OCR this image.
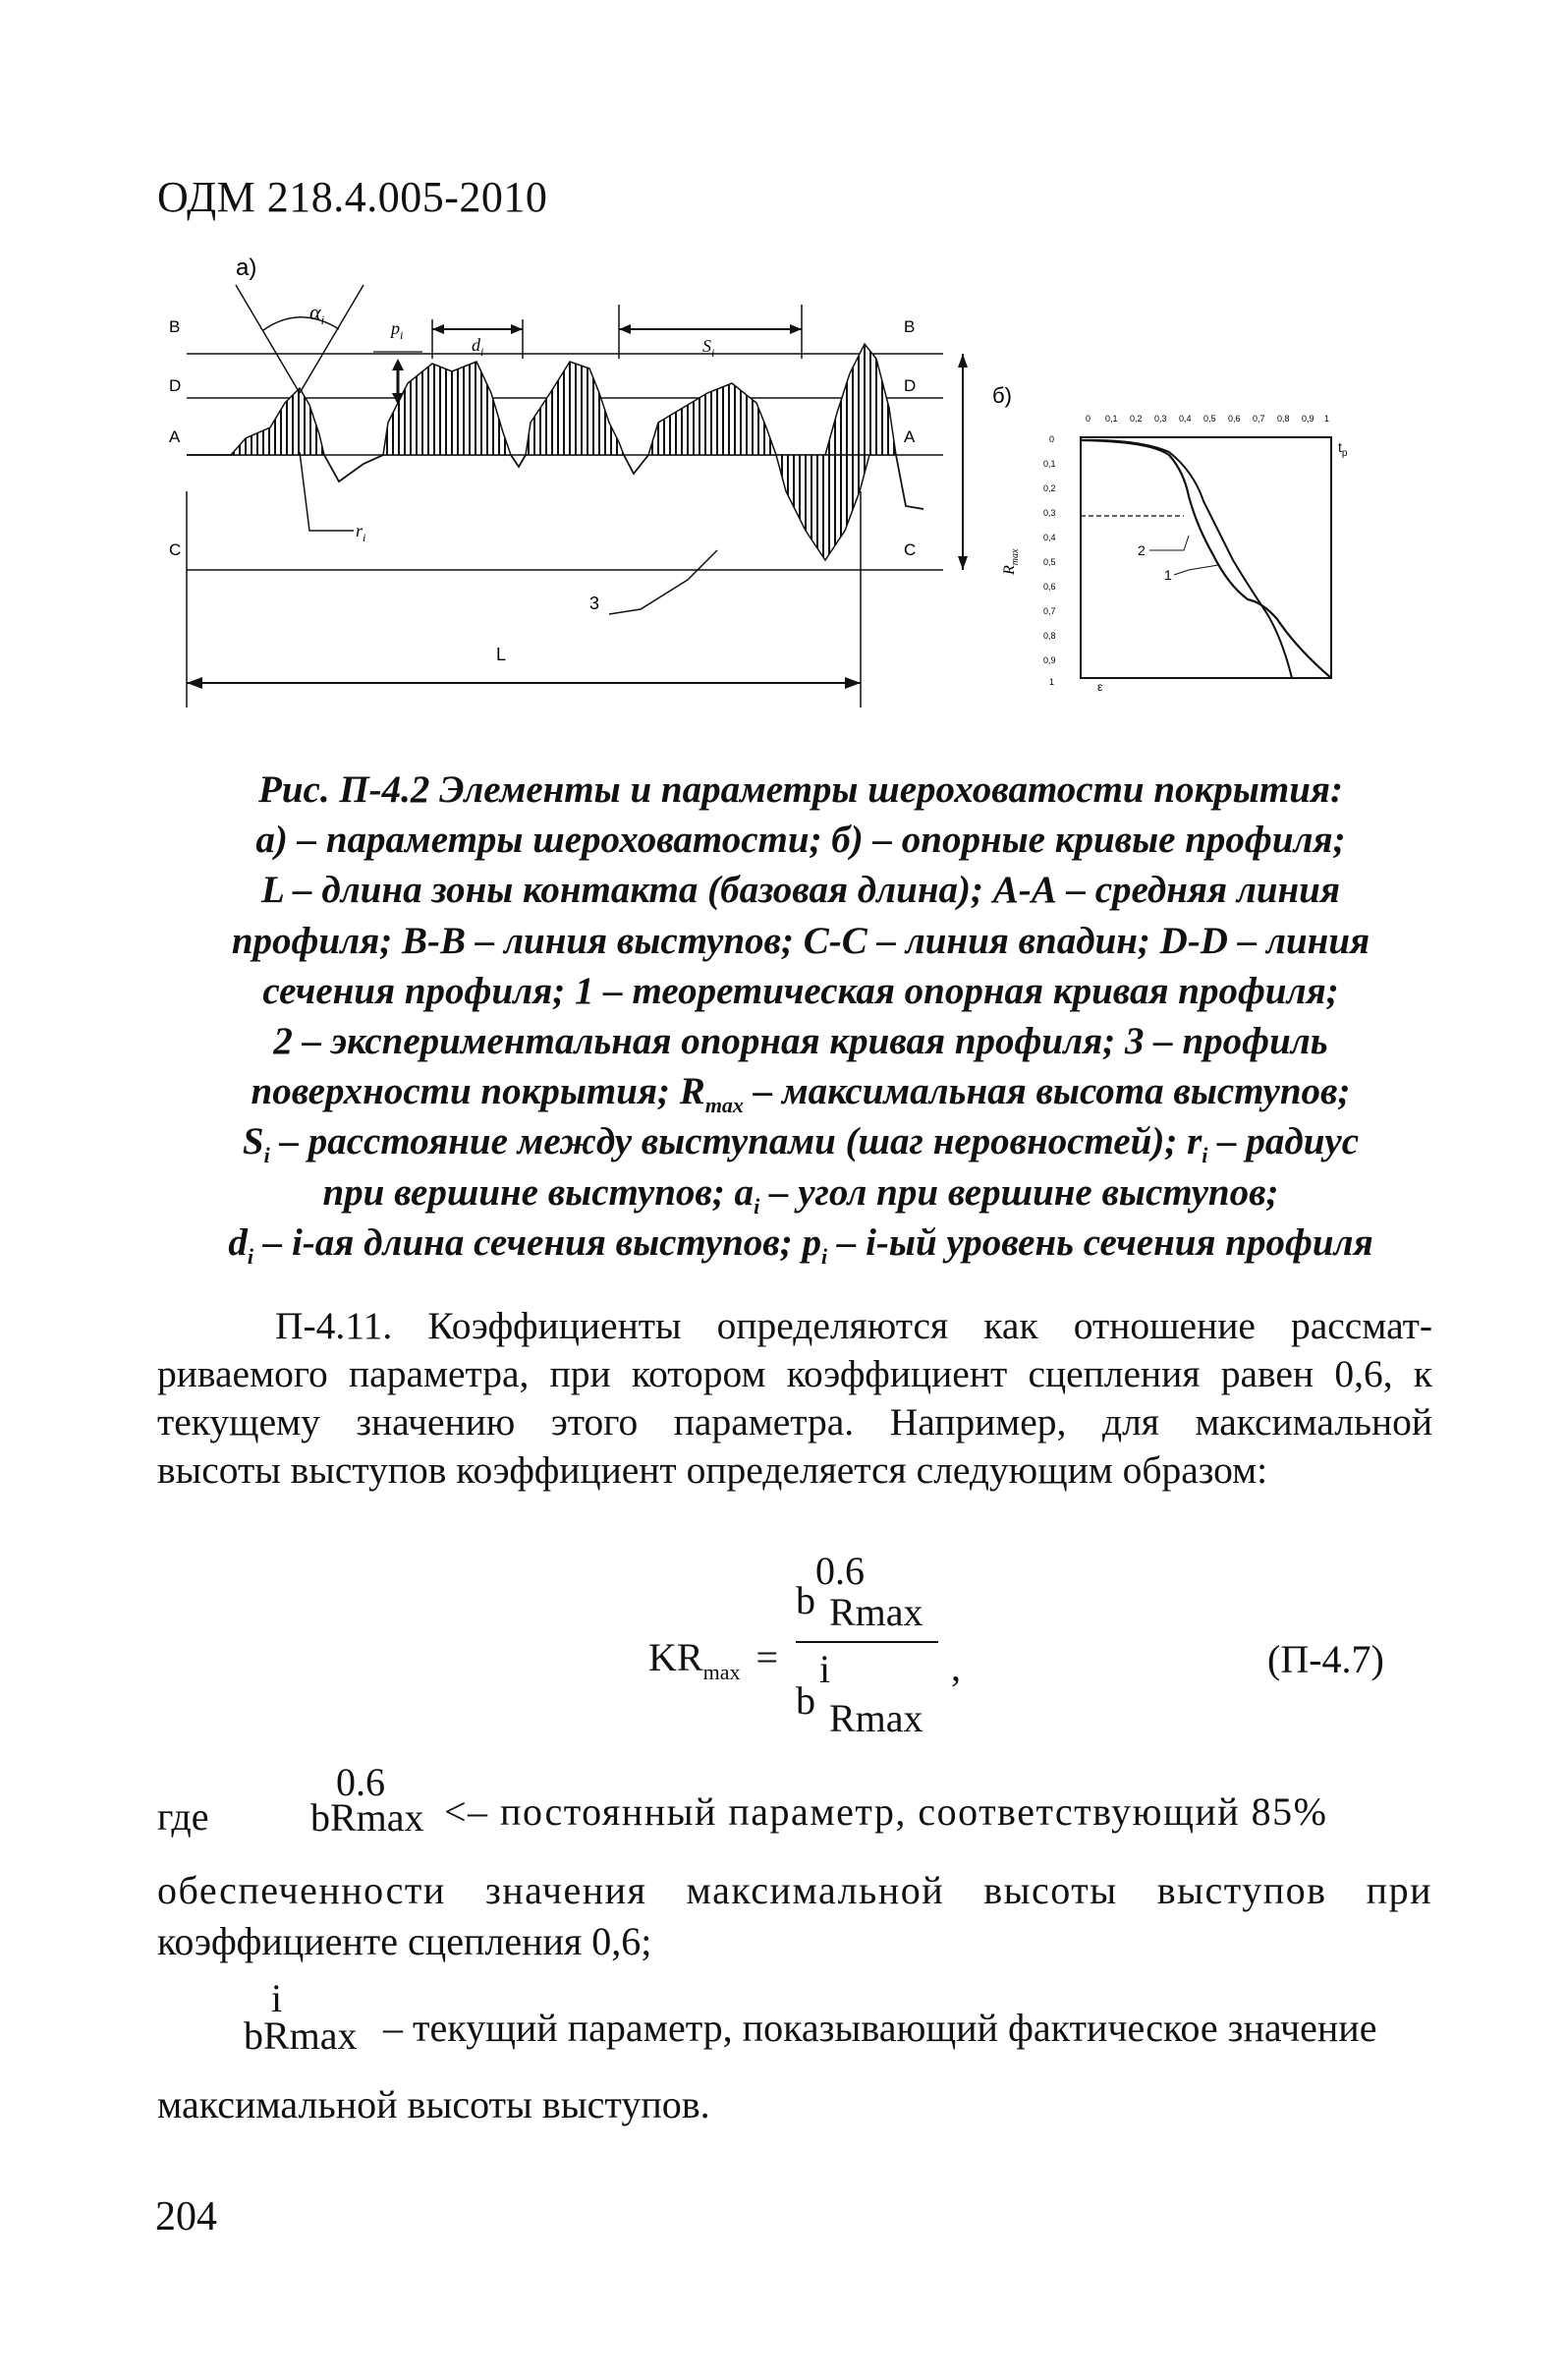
ОДМ 218.4.005-2010
а)
B
D
A
C
B
D
A
C
$\alpha_i$
$r_i$
$p_i$	$d_i$	$S_i$
3
L
б)
0 0,1 0,2 0,3 0,4 0,5 0,6 0,7 0,8 0,9 1
0
0,1
0,2
0,3
0,4
0,5
0,6
0,7
0,8
0,9
1
$R_{max}$	2
1
$t_p$
ε
Рис. П-4.2 Элементы и параметры шероховатости покрытия:
а) – параметры шероховатости; б) – опорные кривые профиля;
L – длина зоны контакта (базовая длина); А-А – средняя линия
профиля; В-В – линия выступов; С-С – линия впадин; D-D – линия
сечения профиля; 1 – теоретическая опорная кривая профиля;
2 – экспериментальная опорная кривая профиля; 3 – профиль
поверхности покрытия; $R_{max}$ – максимальная высота выступов;
$S_i$ – расстояние между выступами (шаг неровностей); $r_i$ – радиус
при вершине выступов; $a_i$ – угол при вершине выступов;
$d_i - i-ая$ длина сечения выступов; $p_i - i-ый$ уровень сечения профиля
П-4.11. Коэффициенты определяются как отношение рассмат-
риваемого параметра, при котором коэффициент сцепления равен 0,6, к
текущему значению этого параметра. Например, для максимальной
высоты выступов коэффициент определяется следующим образом:
$KR_{max}$ =
b0.6
Rmax
bi
Rmax
,	(П-4.7)
где
0.6
bRmax <– постоянный параметр, соответствующий 85%
обеспеченности значения максимальной высоты выступов при
коэффициенте сцепления 0,6;
i
bRmax – текущий параметр, показывающий фактическое значение
максимальной высоты выступов.
204
